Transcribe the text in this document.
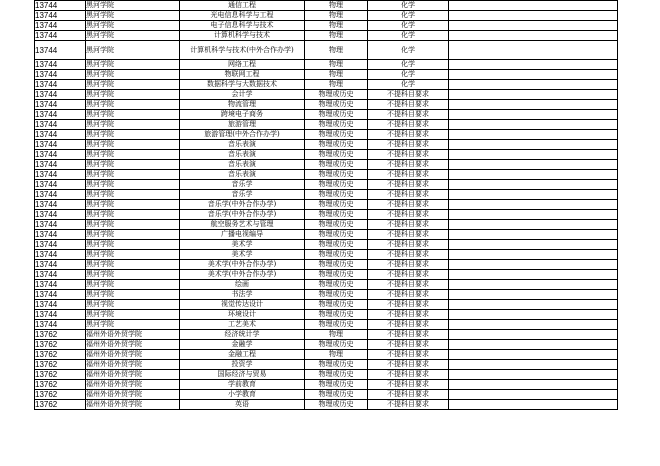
13744	黑河学院	通信工程	物理	化学	
13744	黑河学院	光电信息科学与工程	物理	化学	
13744	黑河学院	电子信息科学与技术	物理	化学	
13744	黑河学院	计算机科学与技术	物理	化学	
13744	黑河学院	计算机科学与技术(中外合作办学)	物理	化学	
13744	黑河学院	网络工程	物理	化学	
13744	黑河学院	物联网工程	物理	化学	
13744	黑河学院	数据科学与大数据技术	物理	化学	
13744	黑河学院	会计学	物理或历史	不提科目要求	
13744	黑河学院	物流管理	物理或历史	不提科目要求	
13744	黑河学院	跨境电子商务	物理或历史	不提科目要求	
13744	黑河学院	旅游管理	物理或历史	不提科目要求	
13744	黑河学院	旅游管理(中外合作办学)	物理或历史	不提科目要求	
13744	黑河学院	音乐表演	物理或历史	不提科目要求	
13744	黑河学院	音乐表演	物理或历史	不提科目要求	
13744	黑河学院	音乐表演	物理或历史	不提科目要求	
13744	黑河学院	音乐表演	物理或历史	不提科目要求	
13744	黑河学院	音乐学	物理或历史	不提科目要求	
13744	黑河学院	音乐学	物理或历史	不提科目要求	
13744	黑河学院	音乐学(中外合作办学)	物理或历史	不提科目要求	
13744	黑河学院	音乐学(中外合作办学)	物理或历史	不提科目要求	
13744	黑河学院	航空服务艺术与管理	物理或历史	不提科目要求	
13744	黑河学院	广播电视编导	物理或历史	不提科目要求	
13744	黑河学院	美术学	物理或历史	不提科目要求	
13744	黑河学院	美术学	物理或历史	不提科目要求	
13744	黑河学院	美术学(中外合作办学)	物理或历史	不提科目要求	
13744	黑河学院	美术学(中外合作办学)	物理或历史	不提科目要求	
13744	黑河学院	绘画	物理或历史	不提科目要求	
13744	黑河学院	书法学	物理或历史	不提科目要求	
13744	黑河学院	视觉传达设计	物理或历史	不提科目要求	
13744	黑河学院	环境设计	物理或历史	不提科目要求	
13744	黑河学院	工艺美术	物理或历史	不提科目要求	
13762	福州外语外贸学院	经济统计学	物理	不提科目要求	
13762	福州外语外贸学院	金融学	物理或历史	不提科目要求	
13762	福州外语外贸学院	金融工程	物理	不提科目要求	
13762	福州外语外贸学院	投资学	物理或历史	不提科目要求	
13762	福州外语外贸学院	国际经济与贸易	物理或历史	不提科目要求	
13762	福州外语外贸学院	学前教育	物理或历史	不提科目要求	
13762	福州外语外贸学院	小学教育	物理或历史	不提科目要求	
13762	福州外语外贸学院	英语	物理或历史	不提科目要求	
